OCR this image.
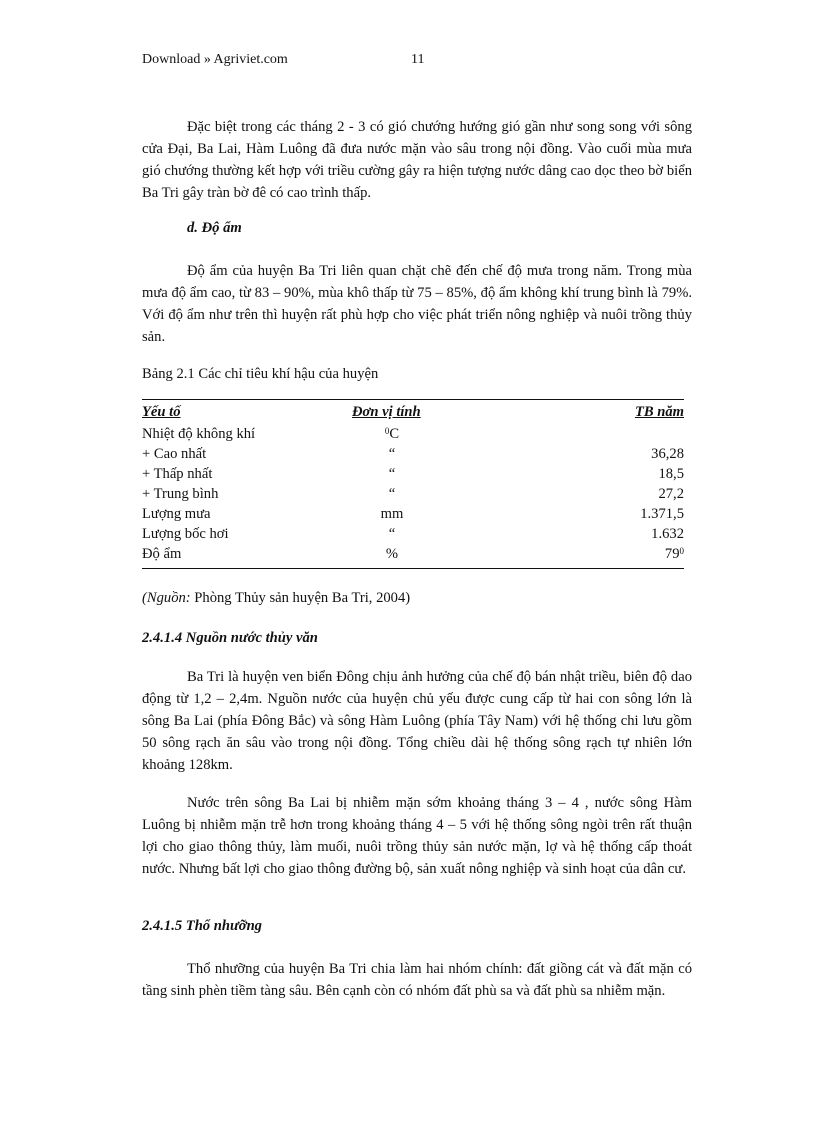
Download » Agriviet.com	11
Đặc biệt trong các tháng 2 - 3 có gió chướng hướng gió gần như song song với sông cửa Đại, Ba Lai, Hàm Luông đã đưa nước mặn vào sâu trong nội đồng. Vào cuối mùa mưa gió chướng thường kết hợp với triều cường gây ra hiện tượng nước dâng cao dọc theo bờ biển Ba Tri gây tràn bờ đê có cao trình thấp.
d. Độ ẩm
Độ ẩm của huyện Ba Tri liên quan chặt chẽ đến chế độ mưa trong năm. Trong mùa mưa độ ẩm cao, từ 83 – 90%, mùa khô thấp từ 75 – 85%, độ ẩm không khí trung bình là 79%. Với độ ẩm như trên thì huyện rất phù hợp cho việc phát triển nông nghiệp và nuôi trồng thủy sản.
Bảng 2.1 Các chỉ tiêu khí hậu của huyện
Yếu tố	Đơn vị tính	TB năm
Nhiệt độ không khí	$^0$C
+ Cao nhất	“	36,28
+ Thấp nhất	“	18,5
+ Trung bình	“	27,2
Lượng mưa	mm	1.371,5
Lượng bốc hơi	“	1.632
Độ ẩm	%	$79^0$
(Nguồn: Phòng Thủy sản huyện Ba Tri, 2004)
2.4.1.4 Nguồn nước thủy văn
Ba Tri là huyện ven biển Đông chịu ảnh hưởng của chế độ bán nhật triều, biên độ dao động từ 1,2 – 2,4m. Nguồn nước của huyện chủ yếu được cung cấp từ hai con sông lớn là sông Ba Lai (phía Đông Bắc) và sông Hàm Luông (phía Tây Nam) với hệ thống chi lưu gồm 50 sông rạch ăn sâu vào trong nội đồng. Tổng chiều dài hệ thống sông rạch tự nhiên lớn khoảng 128km.
Nước trên sông Ba Lai bị nhiễm mặn sớm khoảng tháng 3 – 4 , nước sông Hàm Luông bị nhiễm mặn trễ hơn trong khoảng tháng 4 – 5 với hệ thống sông ngòi trên rất thuận lợi cho giao thông thủy, làm muối, nuôi trồng thủy sản nước mặn, lợ và hệ thống cấp thoát nước. Nhưng bất lợi cho giao thông đường bộ, sản xuất nông nghiệp và sinh hoạt của dân cư.
2.4.1.5 Thổ nhưỡng
Thổ nhưỡng của huyện Ba Tri chia làm hai nhóm chính: đất giồng cát và đất mặn có tầng sinh phèn tiềm tàng sâu. Bên cạnh còn có nhóm đất phù sa và đất phù sa nhiễm mặn.
